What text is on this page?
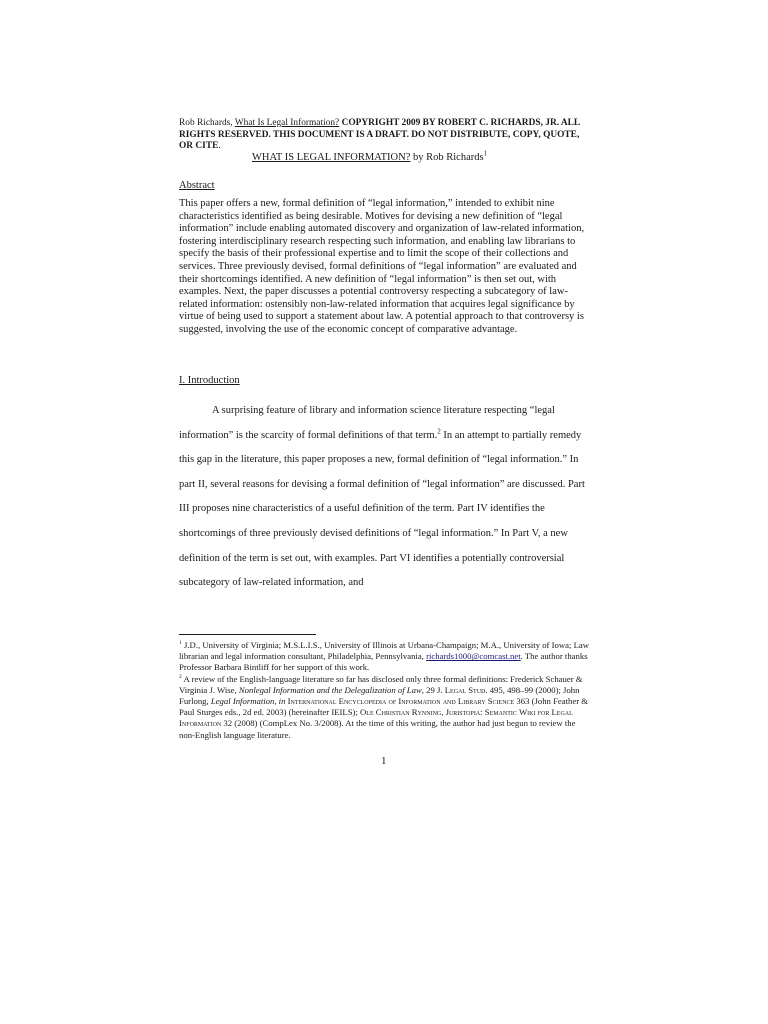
Rob Richards, What Is Legal Information? COPYRIGHT 2009 BY ROBERT C. RICHARDS, JR. ALL RIGHTS RESERVED. THIS DOCUMENT IS A DRAFT. DO NOT DISTRIBUTE, COPY, QUOTE, OR CITE.
WHAT IS LEGAL INFORMATION? by Rob Richards$^1$
Abstract
This paper offers a new, formal definition of “legal information,” intended to exhibit nine characteristics identified as being desirable. Motives for devising a new definition of “legal information” include enabling automated discovery and organization of law-related information, fostering interdisciplinary research respecting such information, and enabling law librarians to specify the basis of their professional expertise and to limit the scope of their collections and services. Three previously devised, formal definitions of “legal information” are evaluated and their shortcomings identified. A new definition of “legal information” is then set out, with examples. Next, the paper discusses a potential controversy respecting a subcategory of law-related information: ostensibly non-law-related information that acquires legal significance by virtue of being used to support a statement about law. A potential approach to that controversy is suggested, involving the use of the economic concept of comparative advantage.
I. Introduction
A surprising feature of library and information science literature respecting “legal information” is the scarcity of formal definitions of that term.$^2$ In an attempt to partially remedy this gap in the literature, this paper proposes a new, formal definition of “legal information.” In part II, several reasons for devising a formal definition of “legal information” are discussed. Part III proposes nine characteristics of a useful definition of the term. Part IV identifies the shortcomings of three previously devised definitions of “legal information.” In Part V, a new definition of the term is set out, with examples. Part VI identifies a potentially controversial subcategory of law-related information, and
$^1$ J.D., University of Virginia; M.S.L.I.S., University of Illinois at Urbana-Champaign; M.A., University of Iowa; Law librarian and legal information consultant, Philadelphia, Pennsylvania, richards1000@comcast.net. The author thanks Professor Barbara Bintliff for her support of this work.
$^2$ A review of the English-language literature so far has disclosed only three formal definitions: Frederick Schauer & Virginia J. Wise, Nonlegal Information and the Delegalization of Law, 29 J. Legal Stud. 495, 498–99 (2000); John Furlong, Legal Information, in International Encyclopedia of Information and Library Science 363 (John Feather & Paul Sturges eds., 2d ed. 2003) (hereinafter IEILS); Ole Christian Rynning, Juristopia: Semantic Wiki for Legal Information 32 (2008) (CompLex No. 3/2008). At the time of this writing, the author had just begun to review the non-English language literature.
1
